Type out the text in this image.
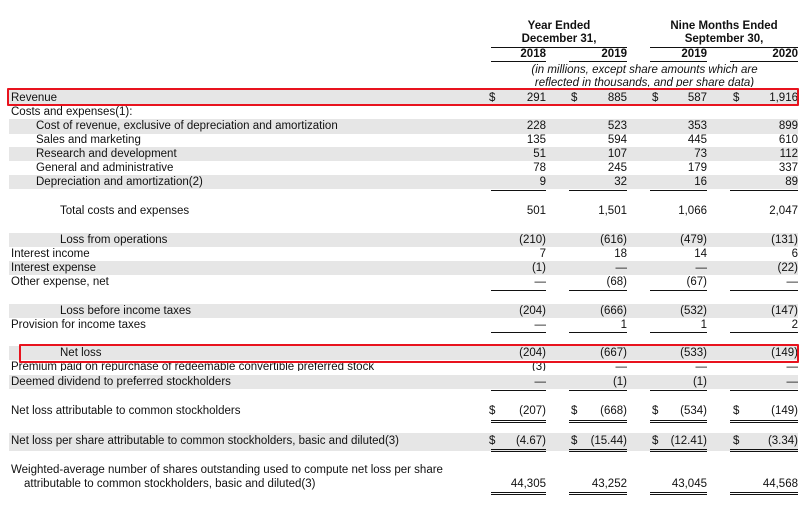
Year Ended
December 31,
Nine Months Ended
September 30,
2018	2019	2019	2020
(in millions, except share amounts which are
reflected in thousands, and per share data)
Revenue	$	291 $	885 $	587 $	1,916
Costs and expenses(1):
Cost of revenue, exclusive of depreciation and amortization	228	523	353	899
Sales and marketing	135	594	445	610
Research and development	51	107	73	112
General and administrative	78	245	179	337
Depreciation and amortization(2)	9	32	16	89
Total costs and expenses	501	1,501	1,066	2,047
Loss from operations	(210)	(616)	(479)	(131)
Interest income	7	18	14	6
Interest expense	(1)	—	—	(22)
Other expense, net	—	(68)	(67)	—
Loss before income taxes	(204)	(666)	(532)	(147)
Provision for income taxes	—	1	1	2
Net loss	(204)	(667)	(533)	(149)
Premium paid on repurchase of redeemable convertible preferred stock	(3)	—	—	—
Deemed dividend to preferred stockholders	—	(1)	(1)	—
Net loss attributable to common stockholders	$	(207) $	(668) $	(534) $	(149)
Net loss per share attributable to common stockholders, basic and diluted(3)	$	(4.67) $	(15.44) $	(12.41) $	(3.34)
Weighted-average number of shares outstanding used to compute net loss per share
attributable to common stockholders, basic and diluted(3)	44,305	43,252	43,045	44,568
